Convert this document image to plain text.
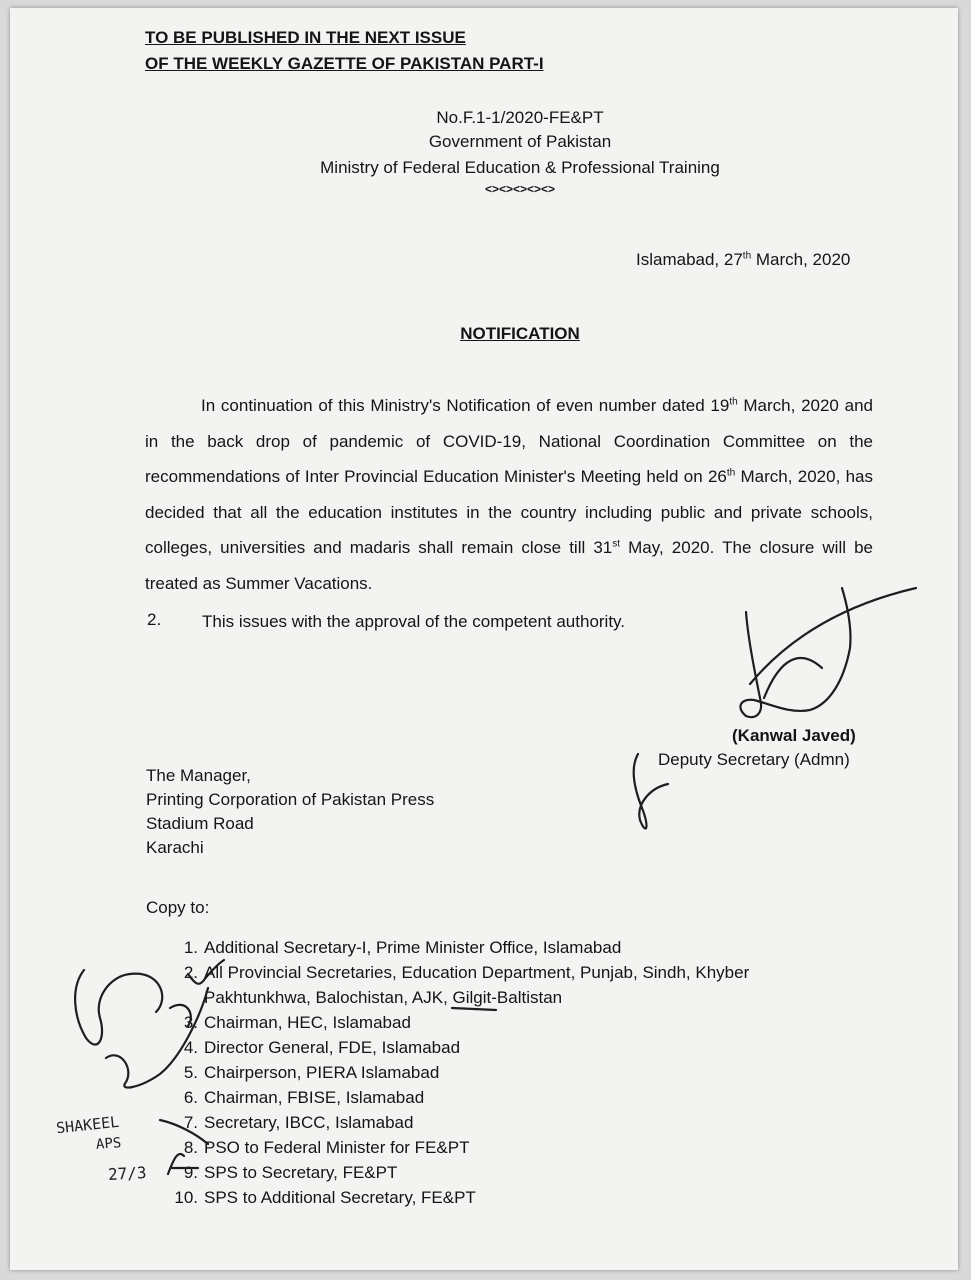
TO BE PUBLISHED IN THE NEXT ISSUE
OF THE WEEKLY GAZETTE OF PAKISTAN PART-I
No.F.1-1/2020-FE&PT
Government of Pakistan
Ministry of Federal Education & Professional Training
<><><><><>
Islamabad, 27th March, 2020
NOTIFICATION
In continuation of this Ministry's Notification of even number dated 19th March, 2020 and in the back drop of pandemic of COVID-19, National Coordination Committee on the recommendations of Inter Provincial Education Minister's Meeting held on 26th March, 2020, has decided that all the education institutes in the country including public and private schools, colleges, universities and madaris shall remain close till 31st May, 2020. The closure will be treated as Summer Vacations.
2. This issues with the approval of the competent authority.
(Kanwal Javed)
Deputy Secretary (Admn)
The Manager,
Printing Corporation of Pakistan Press
Stadium Road
Karachi
Copy to:
1. Additional Secretary-I, Prime Minister Office, Islamabad
2. All Provincial Secretaries, Education Department, Punjab, Sindh, Khyber
Pakhtunkhwa, Balochistan, AJK, Gilgit-Baltistan
3. Chairman, HEC, Islamabad
4. Director General, FDE, Islamabad
5. Chairperson, PIERA Islamabad
6. Chairman, FBISE, Islamabad
7. Secretary, IBCC, Islamabad
8. PSO to Federal Minister for FE&PT
9. SPS to Secretary, FE&PT
10. SPS to Additional Secretary, FE&PT
SHAKEEL
APS
27/3
